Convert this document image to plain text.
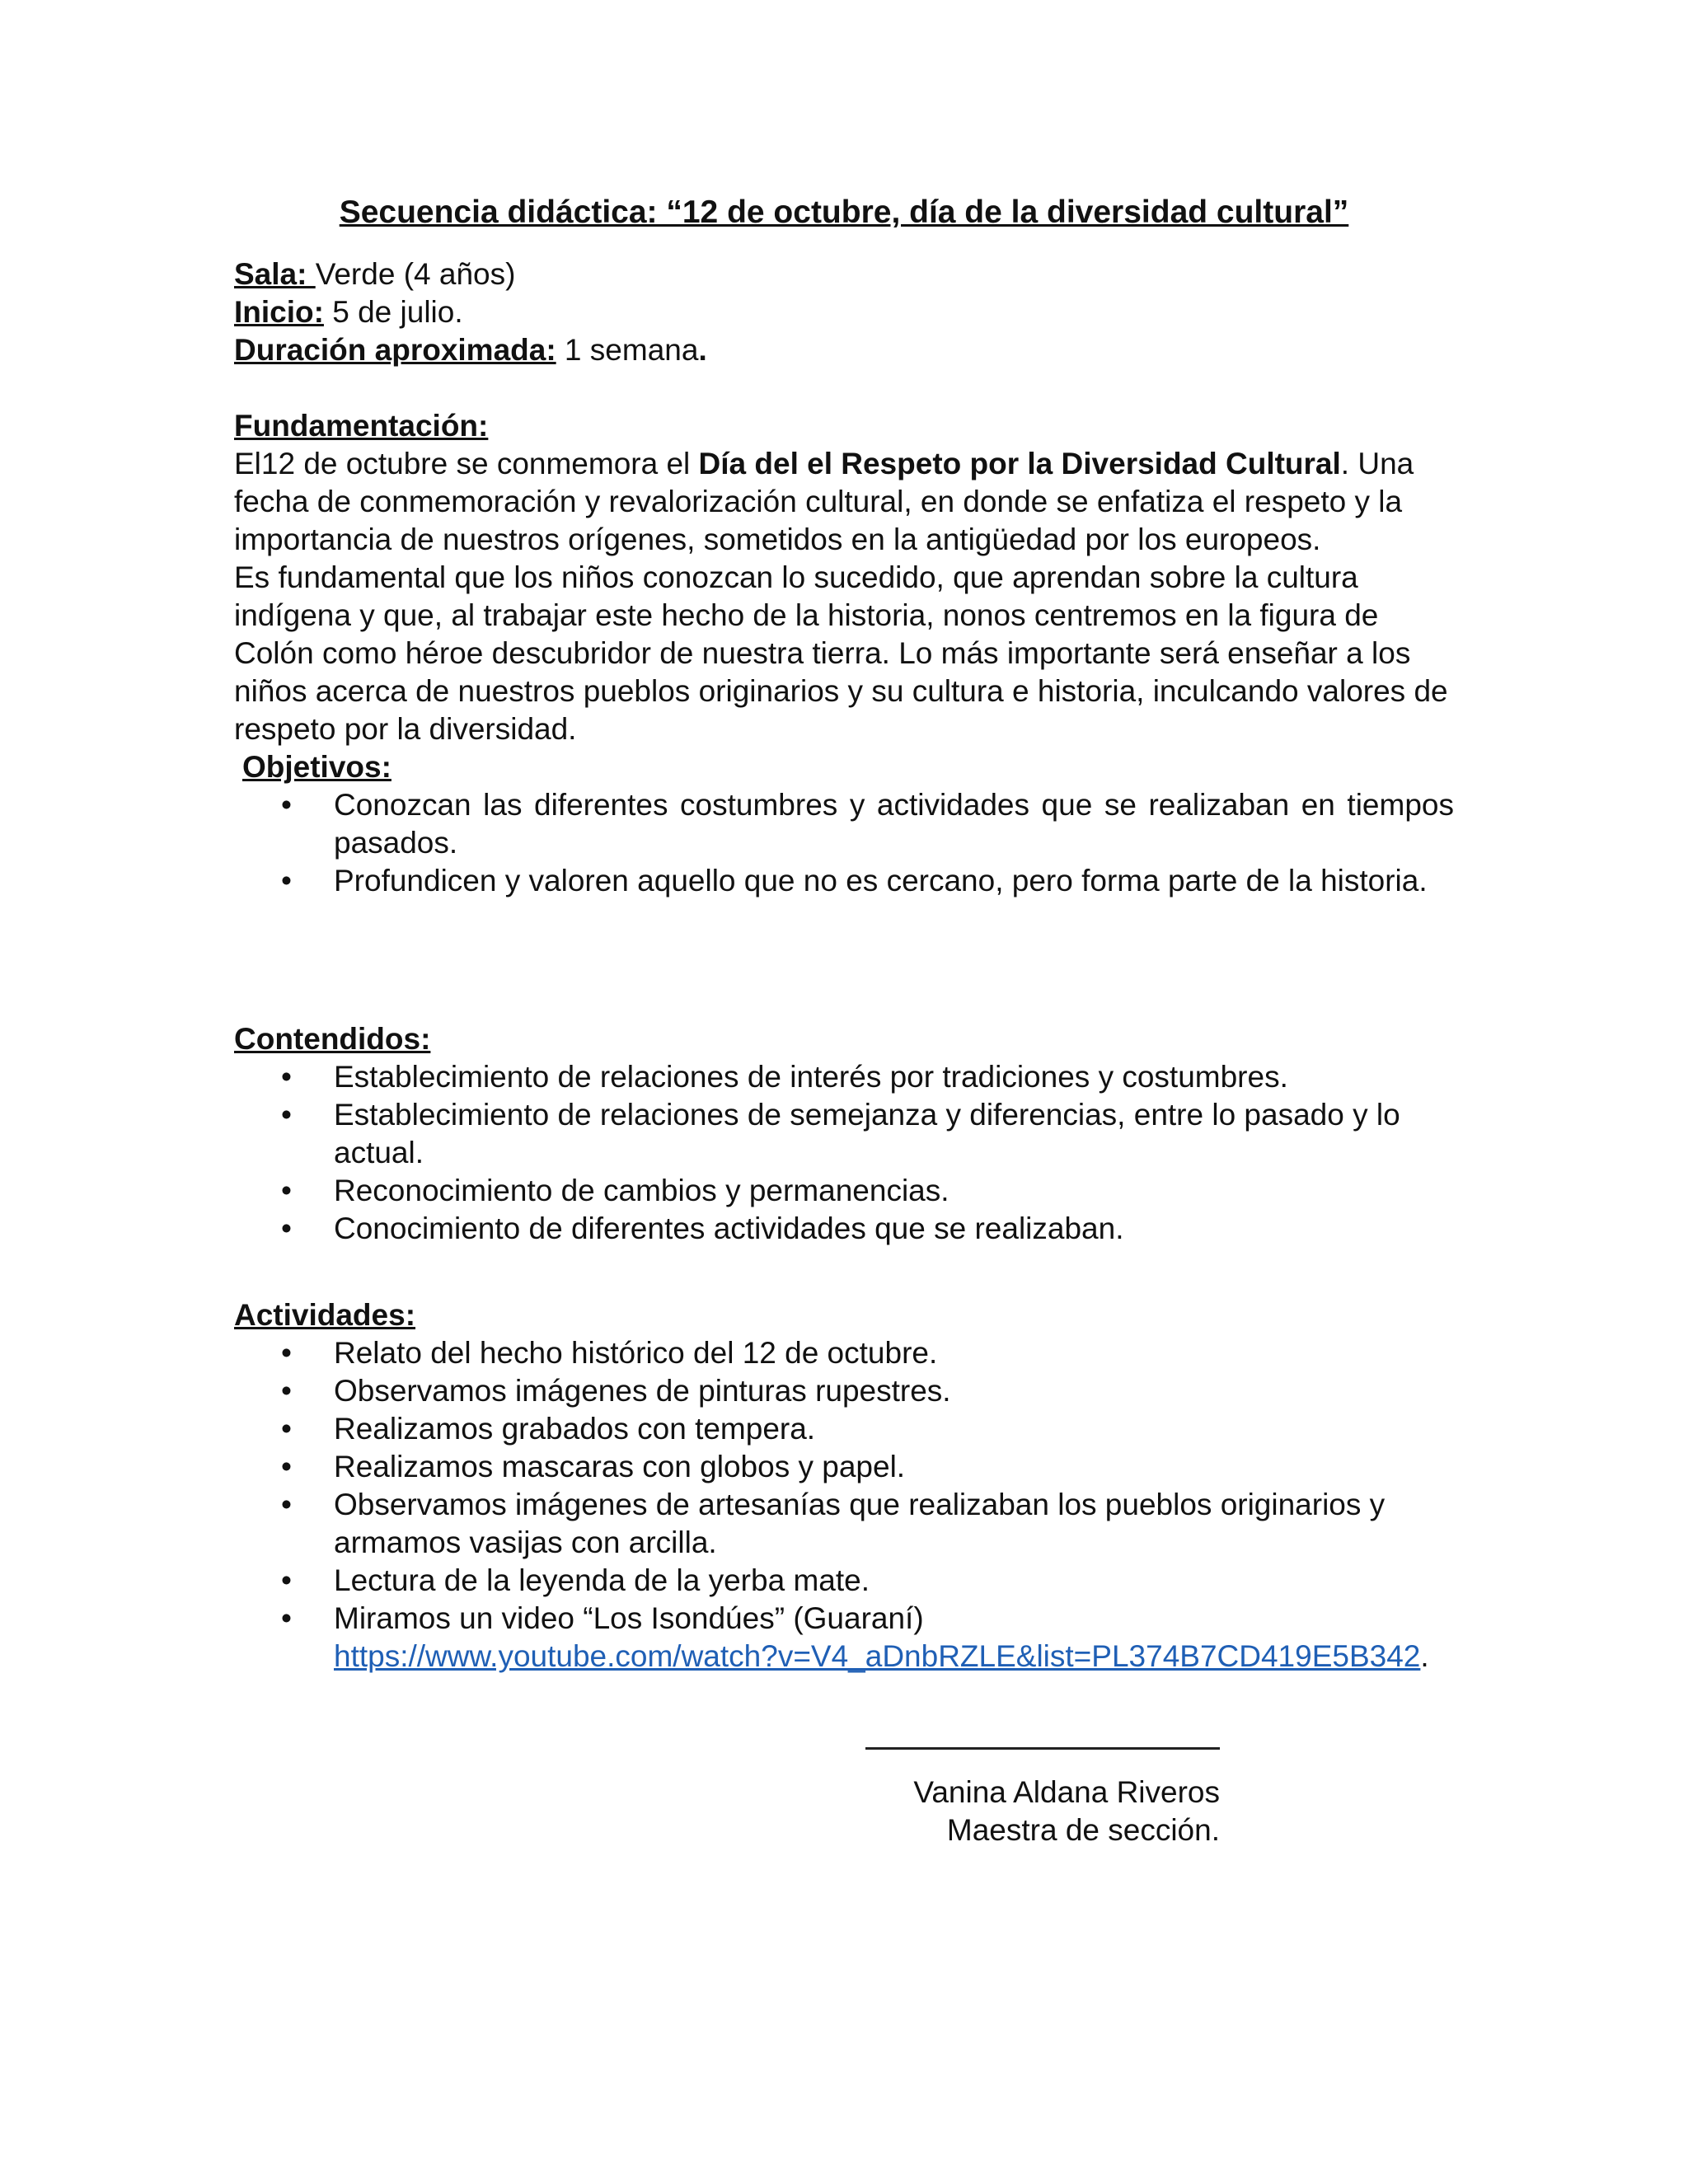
Secuencia didáctica: “12 de octubre, día de la diversidad cultural”
Sala: Verde (4 años)
Inicio: 5 de julio.
Duración aproximada: 1 semana.
Fundamentación:

El12 de octubre se conmemora el Día del el Respeto por la Diversidad Cultural. Una fecha de conmemoración y revalorización cultural, en donde se enfatiza el respeto y la importancia de nuestros orígenes, sometidos en la antigüedad por los europeos.

Es fundamental que los niños conozcan lo sucedido, que aprendan sobre la cultura indígena y que, al trabajar este hecho de la historia, nonos centremos en la figura de Colón como héroe descubridor de nuestra tierra. Lo más importante será enseñar a los niños acerca de nuestros pueblos originarios y su cultura e historia, inculcando valores de respeto por la diversidad.

Objetivos:
• Conozcan las diferentes costumbres y actividades que se realizaban en tiempos pasados.
• Profundicen y valoren aquello que no es cercano, pero forma parte de la historia.
Contendidos:
• Establecimiento de relaciones de interés por tradiciones y costumbres.
• Establecimiento de relaciones de semejanza y diferencias, entre lo pasado y lo actual.
• Reconocimiento de cambios y permanencias.
• Conocimiento de diferentes actividades que se realizaban.
Actividades:
• Relato del hecho histórico del 12 de octubre.
• Observamos imágenes de pinturas rupestres.
• Realizamos grabados con tempera.
• Realizamos mascaras con globos y papel.
• Observamos imágenes de artesanías que realizaban los pueblos originarios y armamos vasijas con arcilla.
• Lectura de la leyenda de la yerba mate.
• Miramos un video “Los Isondúes” (Guaraní)
https://www.youtube.com/watch?v=V4_aDnbRZLE&list=PL374B7CD419E5B342.
Vanina Aldana Riveros
Maestra de sección.
